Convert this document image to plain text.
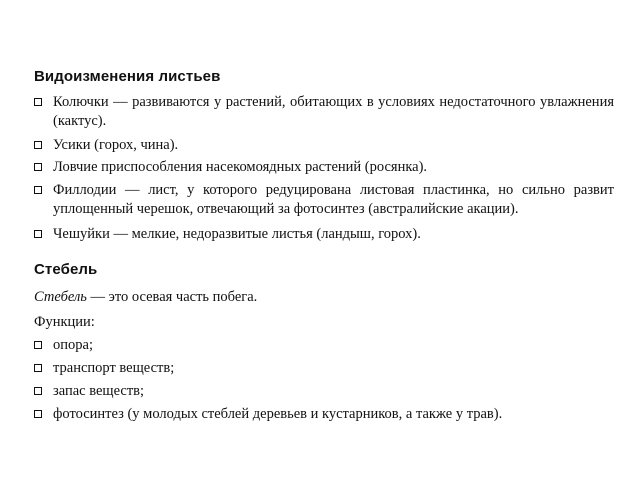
Видоизменения листьев
Колючки — развиваются у растений, обитающих в условиях недостаточного увлажнения (кактус).
Усики (горох, чина).
Ловчие приспособления насекомоядных растений (росянка).
Филлодии — лист, у которого редуцирована листовая пластинка, но сильно развит уплощенный черешок, отвечающий за фотосинтез (австралийские акации).
Чешуйки — мелкие, недоразвитые листья (ландыш, горох).
Стебель
Стебель — это осевая часть побега.
Функции:
опора;
транспорт веществ;
запас веществ;
фотосинтез (у молодых стеблей деревьев и кустарников, а также у трав).
